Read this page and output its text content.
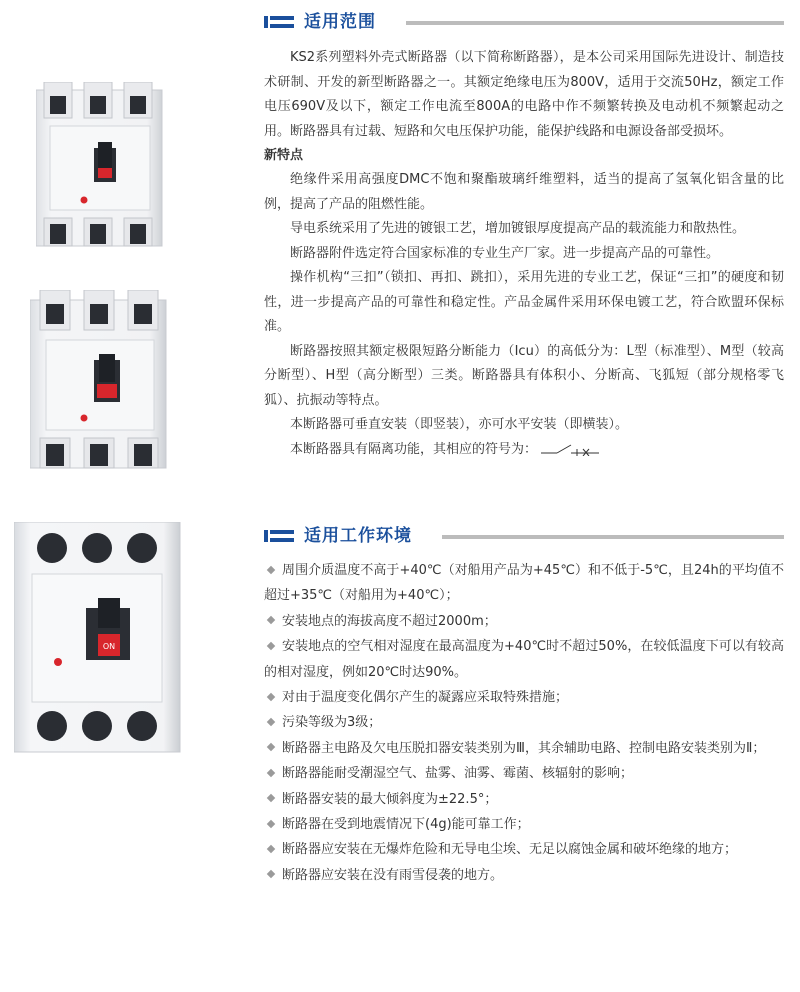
ON
适用范围

KS2系列塑料外壳式断路器（以下简称断路器），是本公司采用国际先进设计、制造技术研制、开发的新型断路器之一。其额定绝缘电压为800V，适用于交流50Hz，额定工作电压690V及以下，额定工作电流至800A的电路中作不频繁转换及电动机不频繁起动之用。断路器具有过载、短路和欠电压保护功能，能保护线路和电源设备部受损坏。

新特点

绝缘件采用高强度DMC不饱和聚酯玻璃纤维塑料，适当的提高了氢氧化铝含量的比例，提高了产品的阻燃性能。

导电系统采用了先进的镀银工艺，增加镀银厚度提高产品的载流能力和散热性。

断路器附件选定符合国家标准的专业生产厂家。进一步提高产品的可靠性。

操作机构“三扣”（锁扣、再扣、跳扣），采用先进的专业工艺，保证“三扣”的硬度和韧性，进一步提高产品的可靠性和稳定性。产品金属件采用环保电镀工艺，符合欧盟环保标准。

断路器按照其额定极限短路分断能力（Icu）的高低分为：L型（标准型）、M型（较高分断型）、H型（高分断型）三类。断路器具有体积小、分断高、飞狐短（部分规格零飞狐）、抗振动等特点。

本断路器可垂直安装（即竖装），亦可水平安装（即横装）。

本断路器具有隔离功能，其相应的符号为：

适用工作环境
周围介质温度不高于+40℃（对船用产品为+45℃）和不低于-5℃，且24h的平均值不超过+35℃（对船用为+40℃）；
安装地点的海拔高度不超过2000m；
安装地点的空气相对湿度在最高温度为+40℃时不超过50%，在较低温度下可以有较高的相对湿度，例如20℃时达90%。
对由于温度变化偶尔产生的凝露应采取特殊措施；
污染等级为3级；
断路器主电路及欠电压脱扣器安装类别为Ⅲ，其余辅助电路、控制电路安装类别为Ⅱ；
断路器能耐受潮湿空气、盐雾、油雾、霉菌、核辐射的影响；
断路器安装的最大倾斜度为±22.5°；
断路器在受到地震情况下(4g)能可靠工作；
断路器应安装在无爆炸危险和无导电尘埃、无足以腐蚀金属和破坏绝缘的地方；
断路器应安装在没有雨雪侵袭的地方。
